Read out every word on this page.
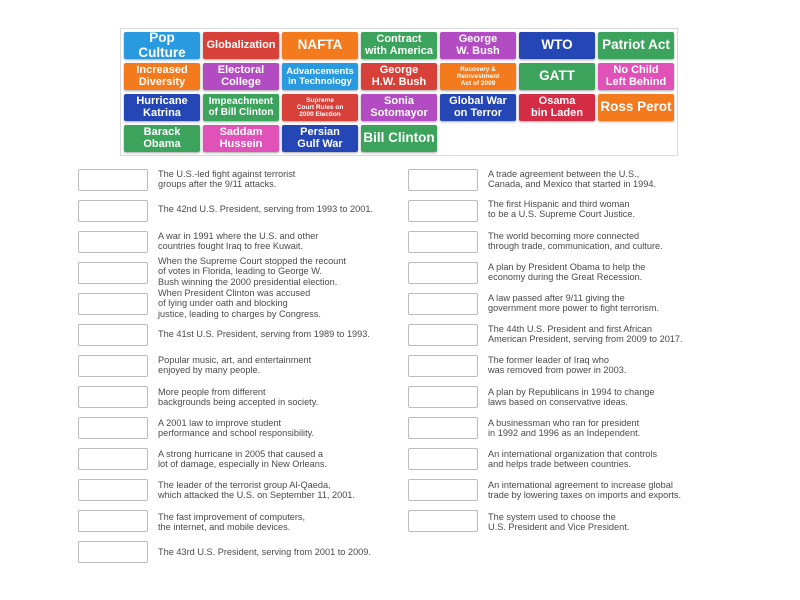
Pop Culture	Globalization	NAFTA	Contract
with America
George
W. Bush	WTO	Patriot Act
Increased
Diversity
Electoral
College
Advancements
in Technology
George
H.W. Bush
Recovery &
Reinvestment
Act of 2009
GATT	No Child
Left Behind
Hurricane
Katrina
Impeachment
of Bill Clinton
Supreme
Court Rules on
2000 Election
Sonia
Sotomayor
Global War
on Terror
Osama
bin Laden	Ross Perot
Barack
Obama
Saddam
Hussein
Persian
Gulf War	Bill Clinton
The U.S.-led fight against terrorist
groups after the 9/11 attacks.
The 42nd U.S. President, serving from 1993 to 2001.
A war in 1991 where the U.S. and other
countries fought Iraq to free Kuwait.
When the Supreme Court stopped the recount
of votes in Florida, leading to George W.
Bush winning the 2000 presidential election.
When President Clinton was accused
of lying under oath and blocking
justice, leading to charges by Congress.
The 41st U.S. President, serving from 1989 to 1993.
Popular music, art, and entertainment
enjoyed by many people.
More people from different
backgrounds being accepted in society.
A 2001 law to improve student
performance and school responsibility.
A strong hurricane in 2005 that caused a
lot of damage, especially in New Orleans.
The leader of the terrorist group Al-Qaeda,
which attacked the U.S. on September 11, 2001.
The fast improvement of computers,
the internet, and mobile devices.
The 43rd U.S. President, serving from 2001 to 2009.
A trade agreement between the U.S.,
Canada, and Mexico that started in 1994.
The first Hispanic and third woman
to be a U.S. Supreme Court Justice.
The world becoming more connected
through trade, communication, and culture.
A plan by President Obama to help the
economy during the Great Recession.
A law passed after 9/11 giving the
government more power to fight terrorism.
The 44th U.S. President and first African
American President, serving from 2009 to 2017.
The former leader of Iraq who
was removed from power in 2003.
A plan by Republicans in 1994 to change
laws based on conservative ideas.
A businessman who ran for president
in 1992 and 1996 as an Independent.
An international organization that controls
and helps trade between countries.
An international agreement to increase global
trade by lowering taxes on imports and exports.
The system used to choose the
U.S. President and Vice President.
